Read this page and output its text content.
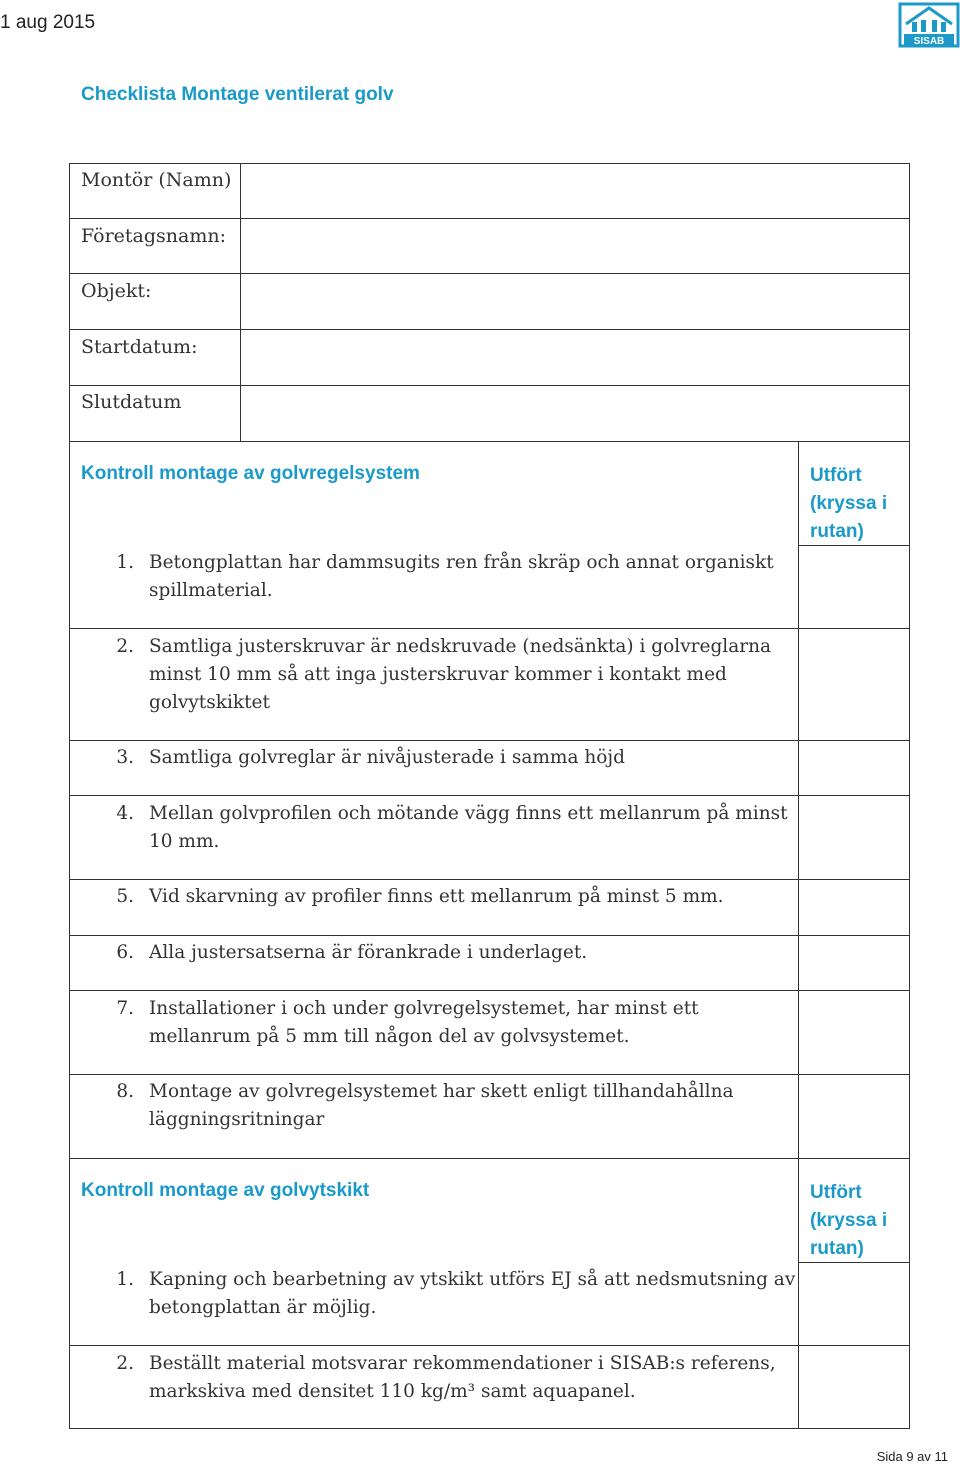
1 aug 2015
SISAB
Checklista Montage ventilerat golv
Montör (Namn)
Företagsnamn:
Objekt:
Startdatum:
Slutdatum
Kontroll montage av golvregelsystem	Utfört (kryssa i rutan)
1. Betongplattan har dammsugits ren från skräp och annat organiskt spillmaterial.
2. Samtliga justerskruvar är nedskruvade (nedsänkta) i golvreglarna minst 10 mm så att inga justerskruvar kommer i kontakt med golvytskiktet
3. Samtliga golvreglar är nivåjusterade i samma höjd
4. Mellan golvprofilen och mötande vägg finns ett mellanrum på minst 10 mm.
5. Vid skarvning av profiler finns ett mellanrum på minst 5 mm.
6. Alla justersatserna är förankrade i underlaget.
7. Installationer i och under golvregelsystemet, har minst ett mellanrum på 5 mm till någon del av golvsystemet.
8. Montage av golvregelsystemet har skett enligt tillhandahållna läggningsritningar
Kontroll montage av golvytskikt	Utfört (kryssa i rutan)
1. Kapning och bearbetning av ytskikt utförs EJ så att nedsmutsning av betongplattan är möjlig.
2. Beställt material motsvarar rekommendationer i SISAB:s referens, markskiva med densitet 110 kg/m³ samt aquapanel.
Sida 9 av 11
